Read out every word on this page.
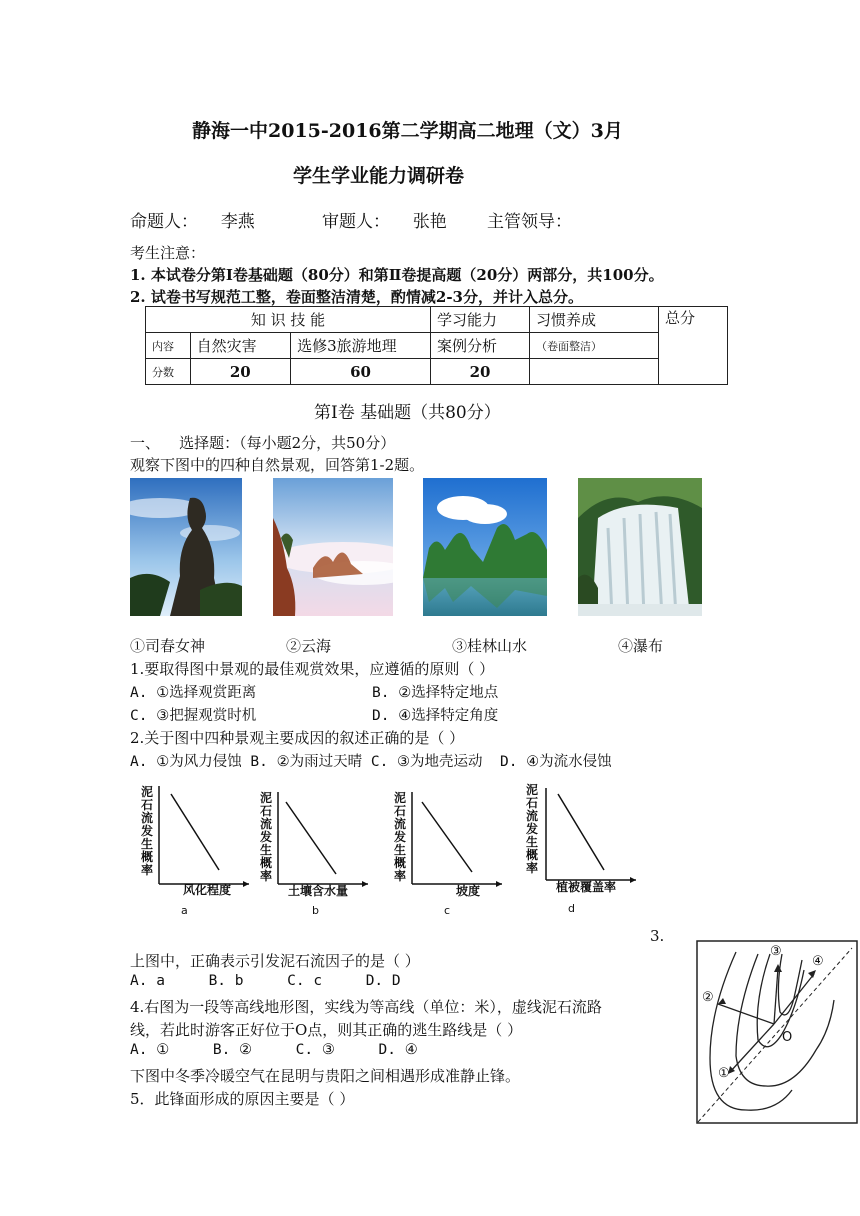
静海一中2015-2016第二学期高二地理（文）3月
学生学业能力调研卷
命题人： 李燕	审题人： 张艳 主管领导：
考生注意：
1. 本试卷分第Ⅰ卷基础题（80分）和第Ⅱ卷提高题（20分）两部分，共100分。
2. 试卷书写规范工整，卷面整洁清楚，酌情减2-3分，并计入总分。
知 识 技 能			学习能力	习惯养成	总分
内容	自然灾害	选修3旅游地理	案例分析	（卷面整洁）	
分数	20	60	20		
第Ⅰ卷 基础题（共80分）
一、    选择题：（每小题2分，共50分）
观察下图中的四种自然景观，回答第1-2题。
①司春女神	②云海	③桂林山水	④瀑布
1.要取得图中景观的最佳观赏效果，应遵循的原则（ ）
A. ①选择观赏距离	B. ②选择特定地点
C. ③把握观赏时机	D. ④选择特定角度
2.关于图中四种景观主要成因的叙述正确的是（ ）
A. ①为风力侵蚀 B. ②为雨过天晴 C. ③为地壳运动  D. ④为流水侵蚀
泥石流发生概率
风化程度
a
泥石流发生概率
土壤含水量
b
泥石流发生概率
坡度
c
泥石流发生概率
植被覆盖率
d
3.
上图中，正确表示引发泥石流因子的是（ ）
A. a     B. b     C. c     D. D
4.右图为一段等高线地形图，实线为等高线（单位：米），虚线泥石流路
线，若此时游客正好位于O点，则其正确的逃生路线是（ ）
A. ①     B. ②     C. ③     D. ④
下图中冬季冷暖空气在昆明与贵阳之间相遇形成准静止锋。
5．此锋面形成的原因主要是（ ）
O
①
②
③
④
